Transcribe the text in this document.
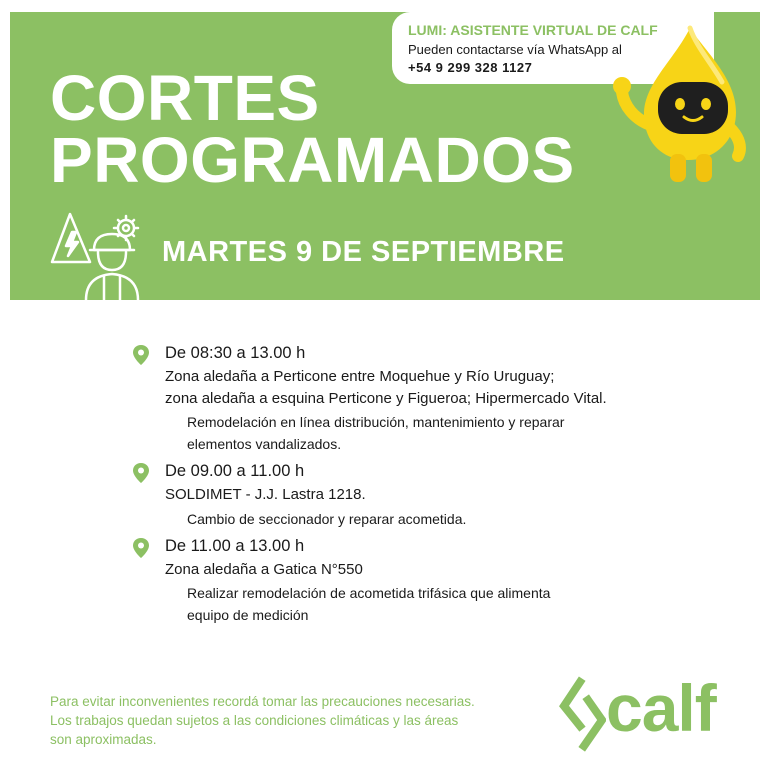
CORTES
PROGRAMADOS
LUMI: ASISTENTE VIRTUAL DE CALF
Pueden contactarse vía WhatsApp al
+54 9 299 328 1127
MARTES 9 DE SEPTIEMBRE
De 08:30 a 13.00 h
Zona aledaña a Perticone entre Moquehue y Río Uruguay;
zona aledaña a esquina Perticone y Figueroa; Hipermercado Vital.
Remodelación en línea distribución, mantenimiento y reparar
elementos vandalizados.
De 09.00 a 11.00 h
SOLDIMET - J.J. Lastra 1218.
Cambio de seccionador y reparar acometida.
De 11.00 a 13.00 h
Zona aledaña a Gatica N°550
Realizar remodelación de acometida trifásica que alimenta
equipo de medición
Para evitar inconvenientes recordá tomar las precauciones necesarias.
Los trabajos quedan sujetos a las condiciones climáticas y las áreas
son aproximadas.	calf
